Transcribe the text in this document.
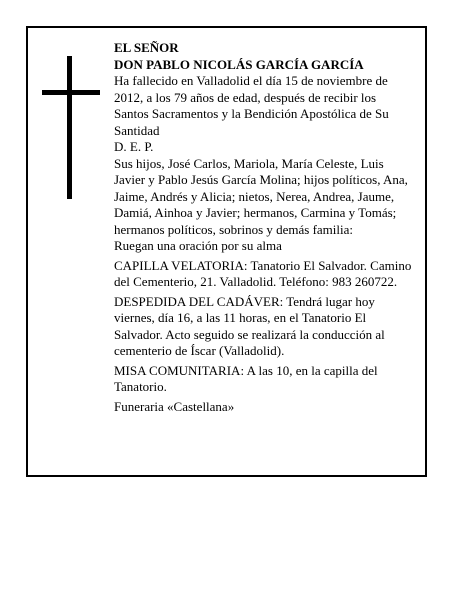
EL SEÑOR

DON PABLO NICOLÁS GARCÍA GARCÍA

Ha fallecido en Valladolid el día 15 de noviembre de 2012, a los 79 años de edad, después de recibir los Santos Sacramentos y la Bendición Apostólica de Su Santidad

D. E. P.

Sus hijos, José Carlos, Mariola, María Celeste, Luis Javier y Pablo Jesús García Molina; hijos políticos, Ana, Jaime, Andrés y Alicia; nietos, Nerea, Andrea, Jaume, Damiá, Ainhoa y Javier; hermanos, Carmina y Tomás; hermanos políticos, sobrinos y demás familia:

Ruegan una oración por su alma

CAPILLA VELATORIA: Tanatorio El Salvador. Camino del Cementerio, 21. Valladolid. Teléfono: 983 260722.

DESPEDIDA DEL CADÁVER: Tendrá lugar hoy viernes, día 16, a las 11 horas, en el Tanatorio El Salvador. Acto seguido se realizará la conducción al cementerio de Íscar (Valladolid).

MISA COMUNITARIA: A las 10, en la capilla del Tanatorio.

Funeraria «Castellana»
